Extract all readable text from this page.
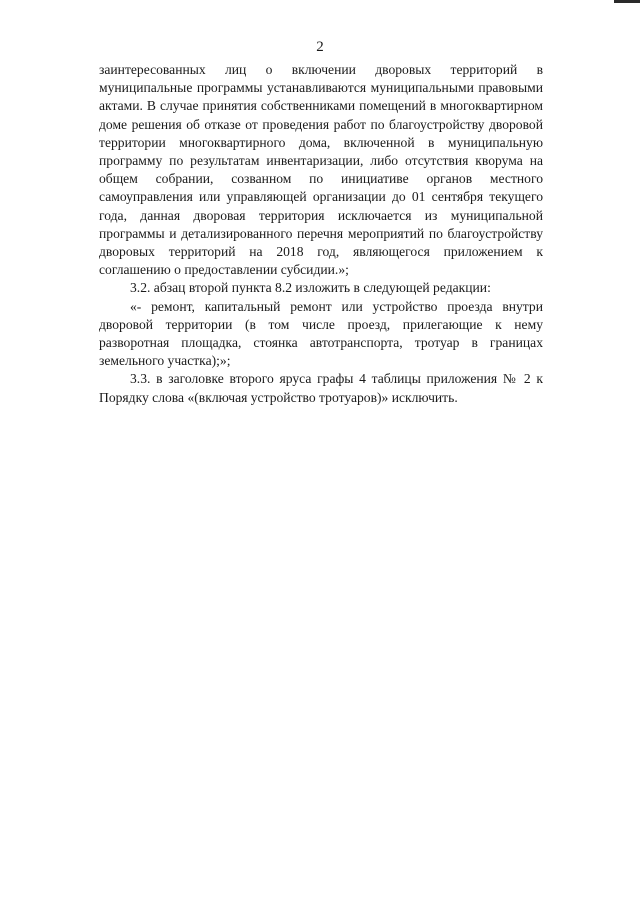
2

заинтересованных лиц о включении дворовых территорий в муниципальные программы устанавливаются муниципальными правовыми актами. В случае принятия собственниками помещений в многоквартирном доме решения об отказе от проведения работ по благоустройству дворовой территории многоквартирного дома, включенной в муниципальную программу по результатам инвентаризации, либо отсутствия кворума на общем собрании, созванном по инициативе органов местного самоуправления или управляющей организации до 01 сентября текущего года, данная дворовая территория исключается из муниципальной программы и детализированного перечня мероприятий по благоустройству дворовых территорий на 2018 год, являющегося приложением к соглашению о предоставлении субсидии.»;

3.2. абзац второй пункта 8.2 изложить в следующей редакции:

«- ремонт, капитальный ремонт или устройство проезда внутри дворовой территории (в том числе проезд, прилегающие к нему разворотная площадка, стоянка автотранспорта, тротуар в границах земельного участка);»;

3.3. в заголовке второго яруса графы 4 таблицы приложения № 2 к Порядку слова «(включая устройство тротуаров)» исключить.
